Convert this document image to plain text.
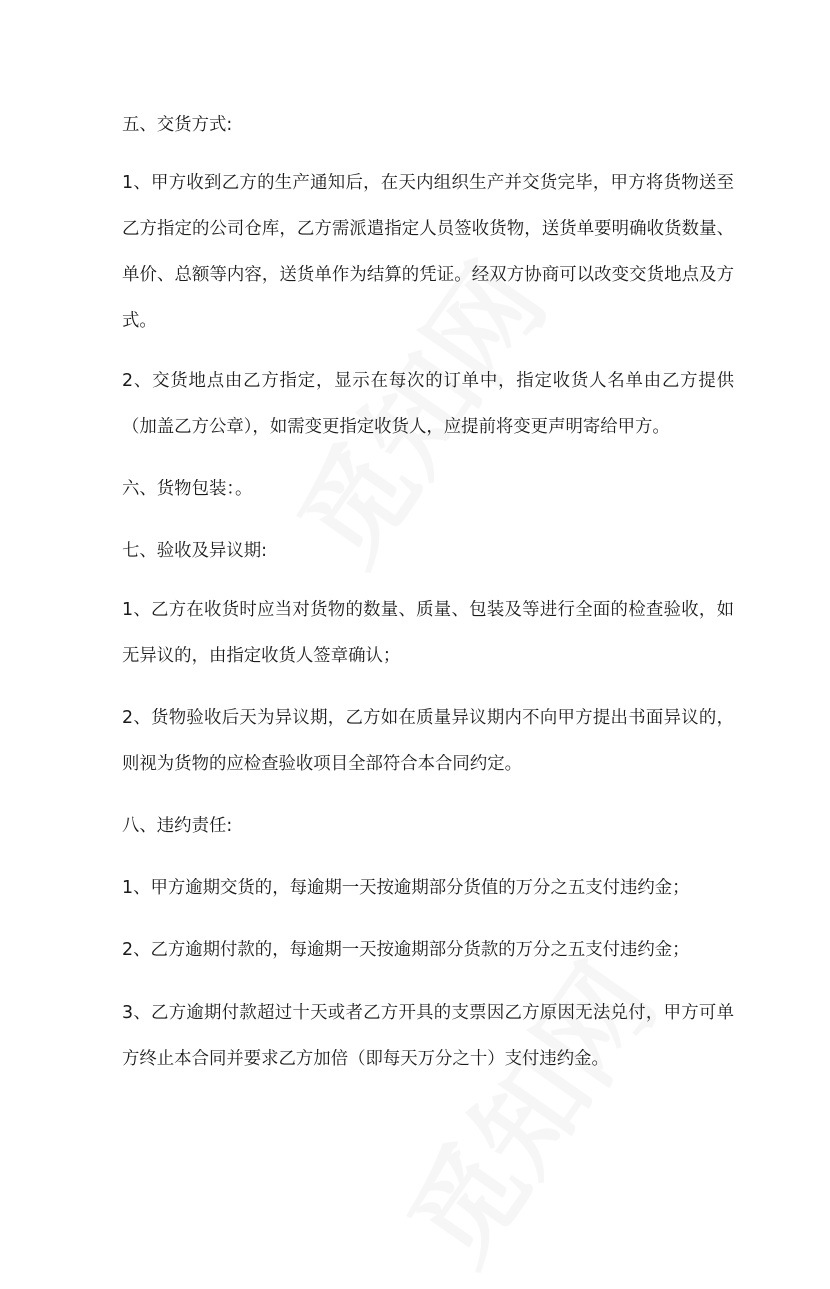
五、交货方式:

1、甲方收到乙方的生产通知后，在天内组织生产并交货完毕，甲方将货物送至乙方指定的公司仓库，乙方需派遣指定人员签收货物，送货单要明确收货数量、单价、总额等内容，送货单作为结算的凭证。经双方协商可以改变交货地点及方式。

2、交货地点由乙方指定，显示在每次的订单中，指定收货人名单由乙方提供（加盖乙方公章），如需变更指定收货人，应提前将变更声明寄给甲方。

六、货物包装：。

七、验收及异议期:

1、乙方在收货时应当对货物的数量、质量、包装及等进行全面的检查验收，如无异议的，由指定收货人签章确认；

2、货物验收后天为异议期，乙方如在质量异议期内不向甲方提出书面异议的，则视为货物的应检查验收项目全部符合本合同约定。

八、违约责任:

1、甲方逾期交货的，每逾期一天按逾期部分货值的万分之五支付违约金；

2、乙方逾期付款的，每逾期一天按逾期部分货款的万分之五支付违约金；

3、乙方逾期付款超过十天或者乙方开具的支票因乙方原因无法兑付，甲方可单方终止本合同并要求乙方加倍（即每天万分之十）支付违约金。
